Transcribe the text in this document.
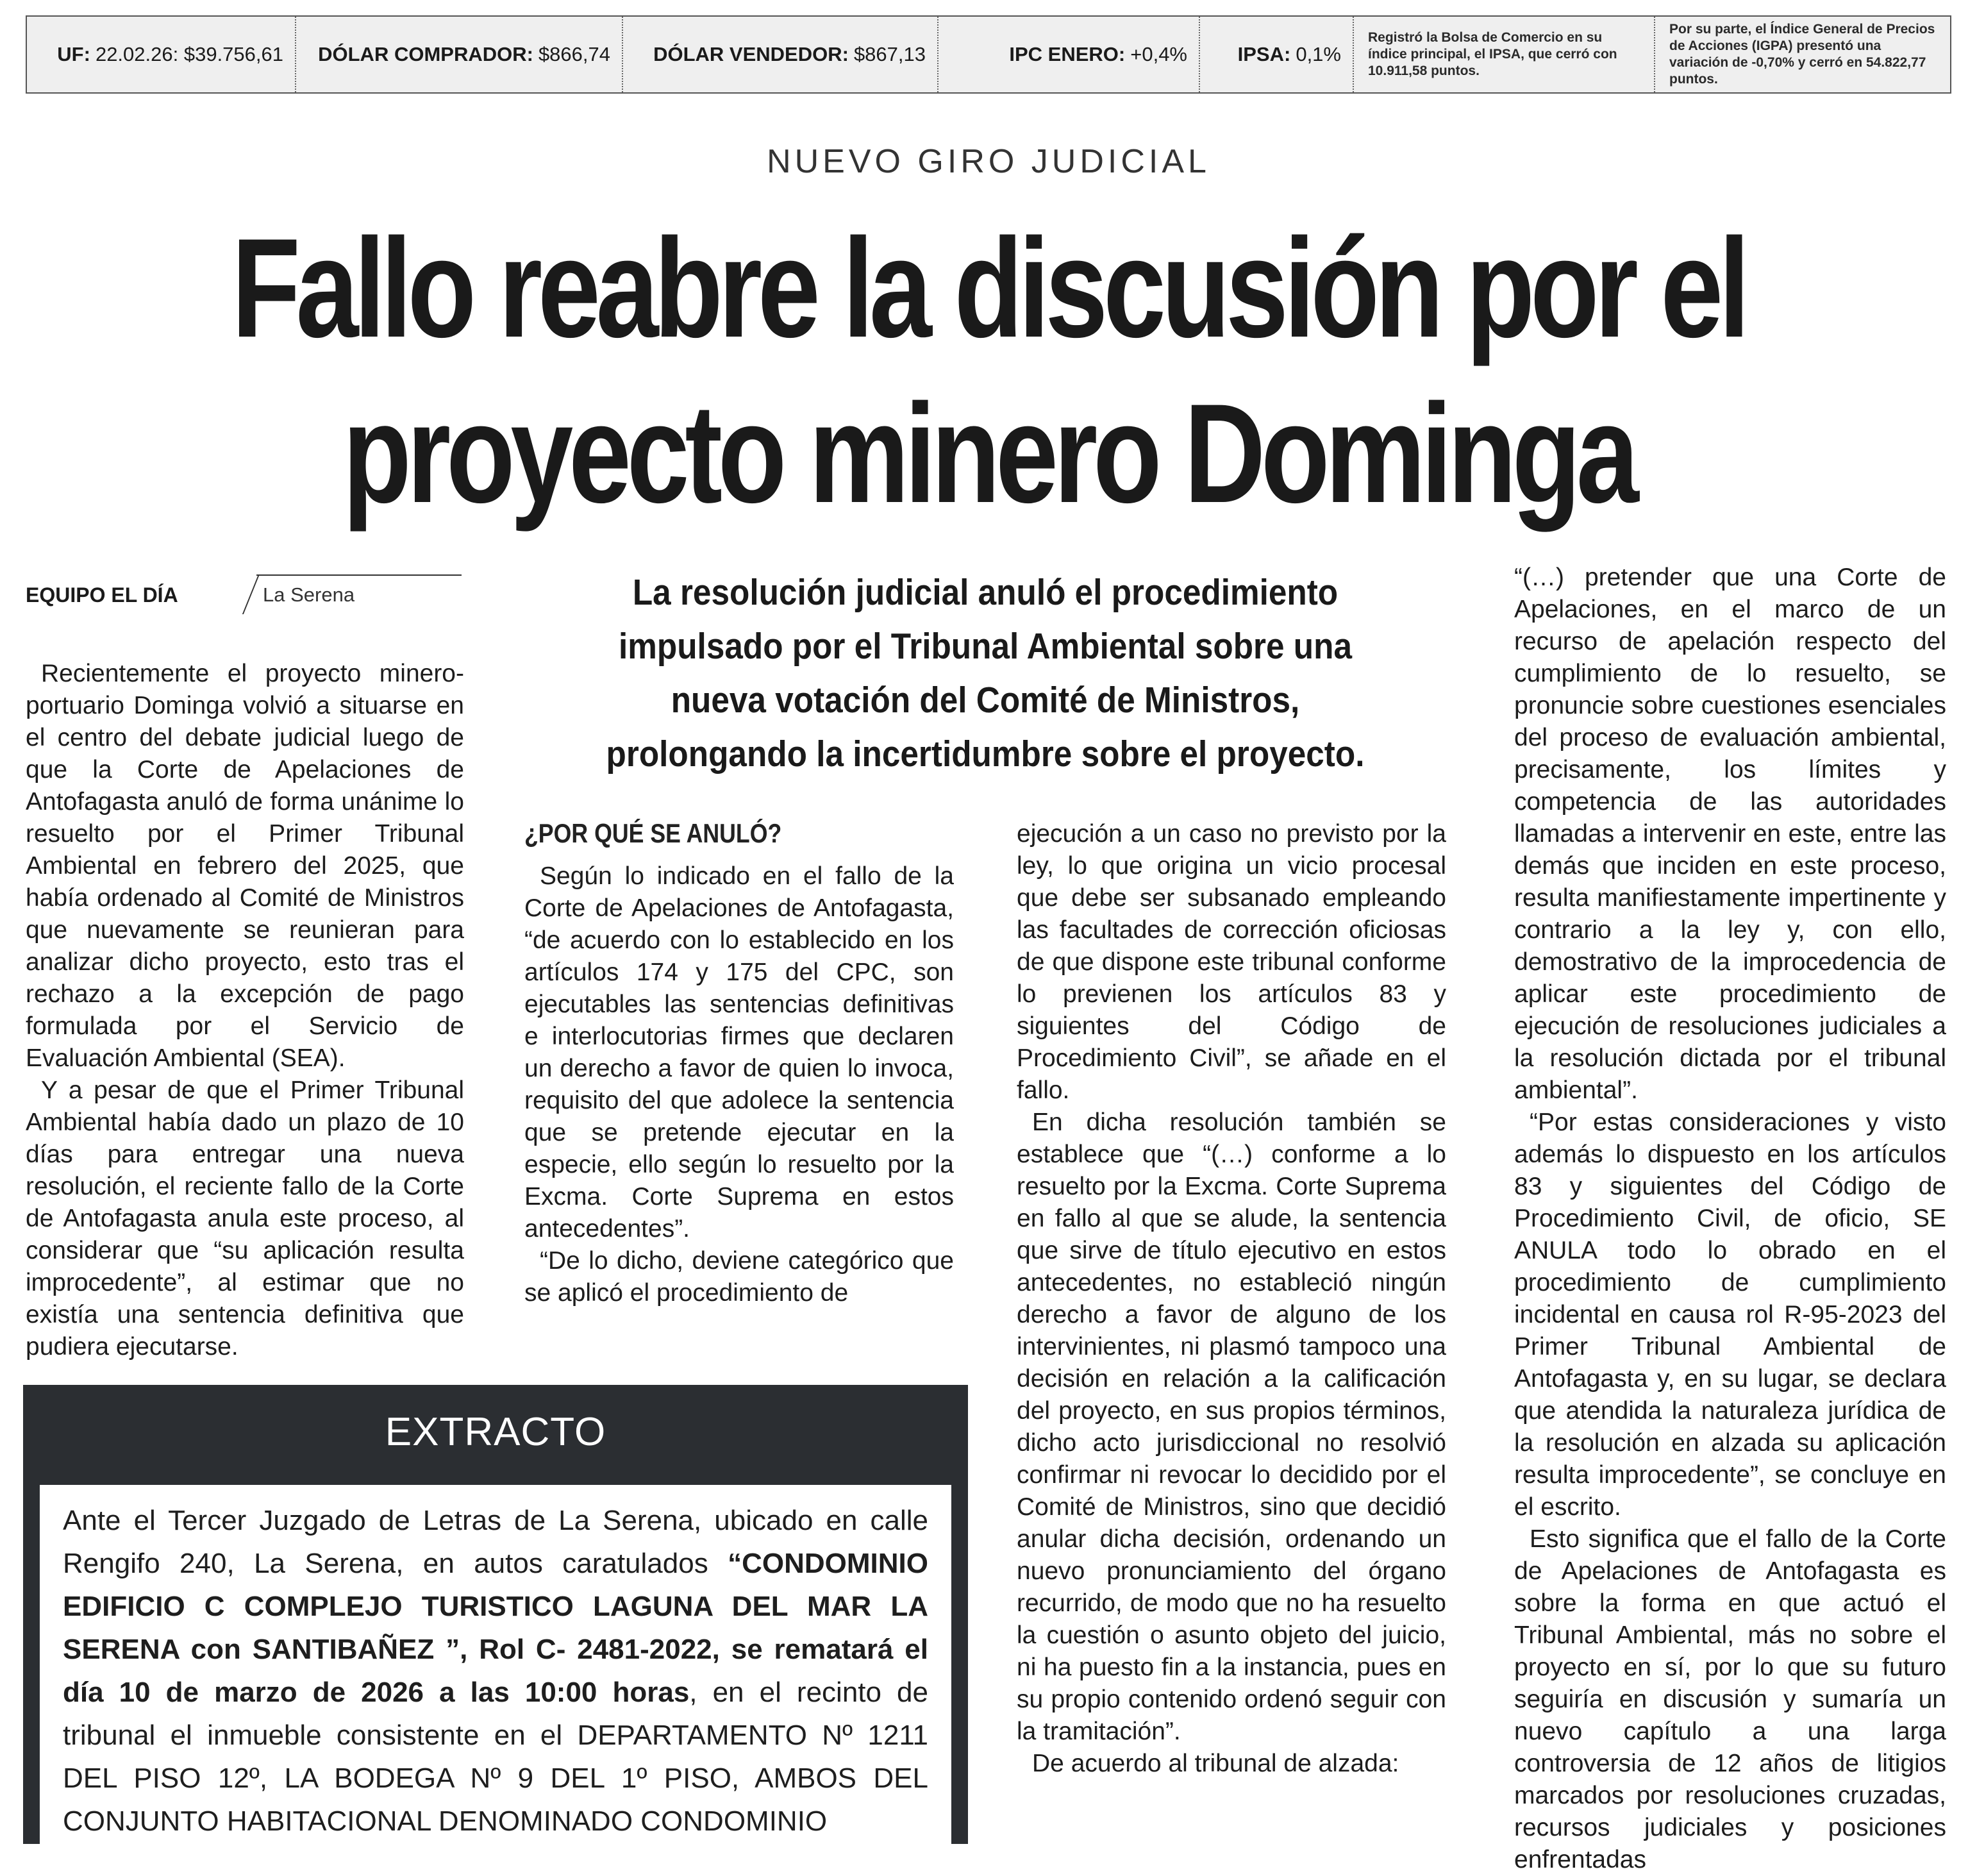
UF: 22.02.26: $39.756,61 DÓLAR COMPRADOR: $866,74 DÓLAR VENDEDOR: $867,13	IPC ENERO: +0,4%	IPSA: 0,1%
Registró la Bolsa de Comercio en su índice principal, el IPSA, que cerró con 10.911,58 puntos.
Por su parte, el Índice General de Precios de Acciones (IGPA) presentó una variación de -0,70% y cerró en 54.822,77 puntos.
NUEVO GIRO JUDICIAL
Fallo reabre la discusión por el
proyecto minero Dominga
EQUIPO EL DÍA	La Serena

Recientemente el proyecto minero-portuario Dominga volvió a situarse en el centro del debate judicial luego de que la Corte de Apelaciones de Antofagasta anuló de forma unánime lo resuelto por el Primer Tribunal Ambiental en febrero del 2025, que había ordenado al Comité de Ministros que nuevamente se reunieran para analizar dicho proyecto, esto tras el rechazo a la excepción de pago formulada por el Servicio de Evaluación Ambiental (SEA).

Y a pesar de que el Primer Tribunal Ambiental había dado un plazo de 10 días para entregar una nueva resolución, el reciente fallo de la Corte de Antofagasta anula este proceso, al considerar que “su aplicación resulta improcedente”, al estimar que no existía una sentencia definitiva que pudiera ejecutarse.

La resolución judicial anuló el procedimiento impulsado por el Tribunal Ambiental sobre una nueva votación del Comité de Ministros, prolongando la incertidumbre sobre el proyecto.
¿POR QUÉ SE ANULÓ?

Según lo indicado en el fallo de la Corte de Apelaciones de Antofagasta, “de acuerdo con lo establecido en los artículos 174 y 175 del CPC, son ejecutables las sentencias definitivas e interlocutorias firmes que declaren un derecho a favor de quien lo invoca, requisito del que adolece la sentencia que se pretende ejecutar en la especie, ello según lo resuelto por la Excma. Corte Suprema en estos antecedentes”.

“De lo dicho, deviene categórico que se aplicó el procedimiento de

ejecución a un caso no previsto por la ley, lo que origina un vicio procesal que debe ser subsanado empleando las facultades de corrección oficiosas de que dispone este tribunal conforme lo previenen los artículos 83 y siguientes del Código de Procedimiento Civil”, se añade en el fallo.

En dicha resolución también se establece que “(…) conforme a lo resuelto por la Excma. Corte Suprema en fallo al que se alude, la sentencia que sirve de título ejecutivo en estos antecedentes, no estableció ningún derecho a favor de alguno de los intervinientes, ni plasmó tampoco una decisión en relación a la calificación del proyecto, en sus propios términos, dicho acto jurisdiccional no resolvió confirmar ni revocar lo decidido por el Comité de Ministros, sino que decidió anular dicha decisión, ordenando un nuevo pronunciamiento del órgano recurrido, de modo que no ha resuelto la cuestión o asunto objeto del juicio, ni ha puesto fin a la instancia, pues en su propio contenido ordenó seguir con la tramitación”.

De acuerdo al tribunal de alzada:

“(…) pretender que una Corte de Apelaciones, en el marco de un recurso de apelación respecto del cumplimiento de lo resuelto, se pronuncie sobre cuestiones esenciales del proceso de evaluación ambiental, precisamente, los límites y competencia de las autoridades llamadas a intervenir en este, entre las demás que inciden en este proceso, resulta manifiestamente impertinente y contrario a la ley y, con ello, demostrativo de la improcedencia de aplicar este procedimiento de ejecución de resoluciones judiciales a la resolución dictada por el tribunal ambiental”.

“Por estas consideraciones y visto además lo dispuesto en los artículos 83 y siguientes del Código de Procedimiento Civil, de oficio, SE ANULA todo lo obrado en el procedimiento de cumplimiento incidental en causa rol R-95-2023 del Primer Tribunal Ambiental de Antofagasta y, en su lugar, se declara que atendida la naturaleza jurídica de la resolución en alzada su aplicación resulta improcedente”, se concluye en el escrito.

Esto significa que el fallo de la Corte de Apelaciones de Antofagasta es sobre la forma en que actuó el Tribunal Ambiental, más no sobre el proyecto en sí, por lo que su futuro seguiría en discusión y sumaría un nuevo capítulo a una larga controversia de 12 años de litigios marcados por resoluciones cruzadas, recursos judiciales y posiciones enfrentadas

EXTRACTO
Ante el Tercer Juzgado de Letras de La Serena, ubicado en calle Rengifo 240, La Serena, en autos caratulados “CONDOMINIO EDIFICIO C COMPLEJO TURISTICO LAGUNA DEL MAR LA SERENA con SANTIBAÑEZ ”, Rol C- 2481-2022, se rematará el día 10 de marzo de 2026 a las 10:00 horas, en el recinto de tribunal el inmueble consistente en el DEPARTAMENTO Nº 1211 DEL PISO 12º, LA BODEGA Nº 9 DEL 1º PISO, AMBOS DEL CONJUNTO HABITACIONAL DENOMINADO CONDOMINIO
